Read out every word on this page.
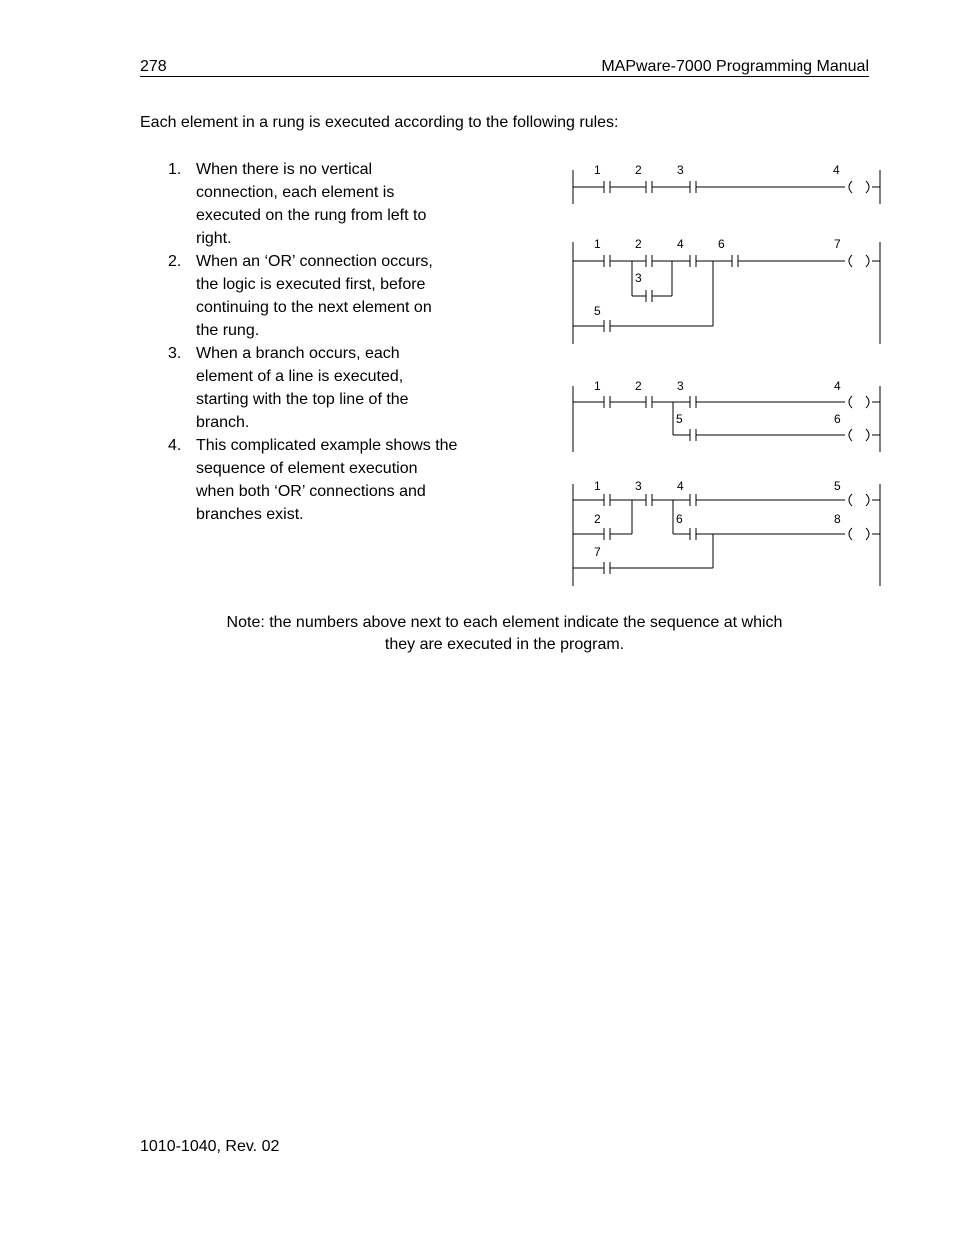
278	MAPware-7000 Programming Manual
Each element in a rung is executed according to the following rules:
1. When there is no vertical connection, each element is executed on the rung from left to right.
2. When an ‘OR’ connection occurs, the logic is executed first, before continuing to the next element on the rung.
3. When a branch occurs, each element of a line is executed, starting with the top line of the branch.
4. This complicated example shows the sequence of element execution when both ‘OR’ connections and branches exist.
1	2	3	4
1	2
3
4	6	7
5
1	2	3	4
5	6
1	3	4	5
2	6	8
7
Note: the numbers above next to each element indicate the sequence at which
they are executed in the program.
1010-1040, Rev. 02
